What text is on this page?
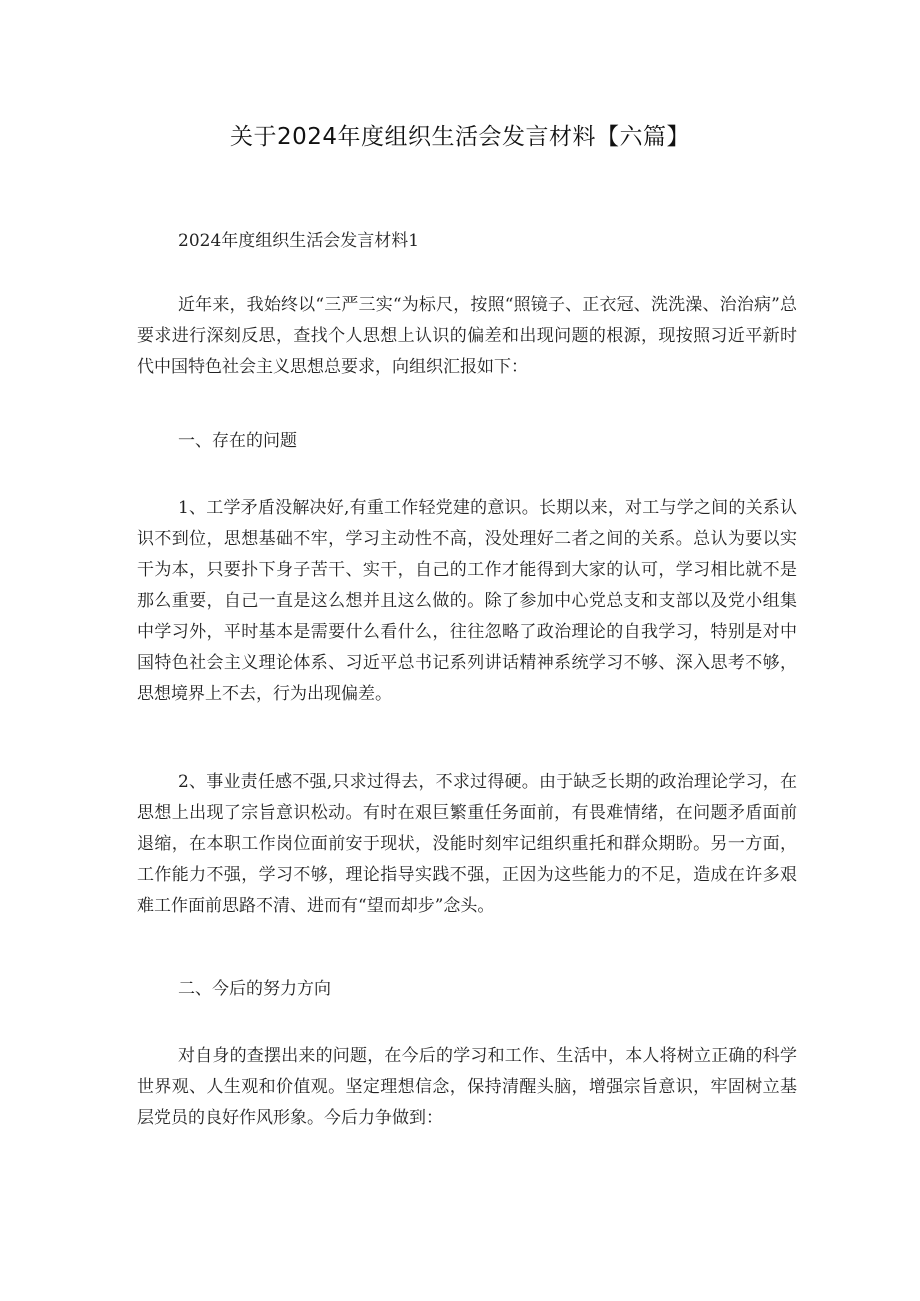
关于2024年度组织生活会发言材料【六篇】
2024年度组织生活会发言材料1

近年来，我始终以“三严三实“为标尺，按照“照镜子、正衣冠、洗洗澡、治治病”总要求进行深刻反思，查找个人思想上认识的偏差和出现问题的根源，现按照习近平新时代中国特色社会主义思想总要求，向组织汇报如下：

一、存在的问题

1、工学矛盾没解决好,有重工作轻党建的意识。长期以来，对工与学之间的关系认识不到位，思想基础不牢，学习主动性不高，没处理好二者之间的关系。总认为要以实干为本，只要扑下身子苦干、实干，自己的工作才能得到大家的认可，学习相比就不是那么重要，自己一直是这么想并且这么做的。除了参加中心党总支和支部以及党小组集中学习外，平时基本是需要什么看什么，往往忽略了政治理论的自我学习，特别是对中国特色社会主义理论体系、习近平总书记系列讲话精神系统学习不够、深入思考不够，思想境界上不去，行为出现偏差。

2、事业责任感不强,只求过得去，不求过得硬。由于缺乏长期的政治理论学习，在思想上出现了宗旨意识松动。有时在艰巨繁重任务面前，有畏难情绪，在问题矛盾面前退缩，在本职工作岗位面前安于现状，没能时刻牢记组织重托和群众期盼。另一方面，工作能力不强，学习不够，理论指导实践不强，正因为这些能力的不足，造成在许多艰难工作面前思路不清、进而有“望而却步”念头。

二、今后的努力方向

对自身的查摆出来的问题，在今后的学习和工作、生活中，本人将树立正确的科学世界观、人生观和价值观。坚定理想信念，保持清醒头脑，增强宗旨意识，牢固树立基层党员的良好作风形象。今后力争做到：
